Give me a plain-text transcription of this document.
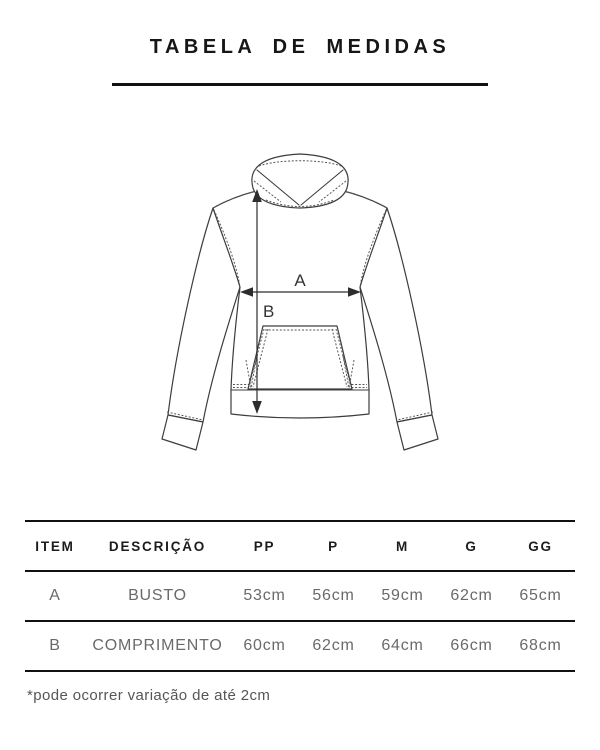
TABELA DE MEDIDAS
A
B
ITEM	DESCRIÇÃO	PP	P	M	G	GG
A	BUSTO	53cm	56cm	59cm	62cm	65cm
B	COMPRIMENTO	60cm	62cm	64cm	66cm	68cm
*pode ocorrer variação de até 2cm
